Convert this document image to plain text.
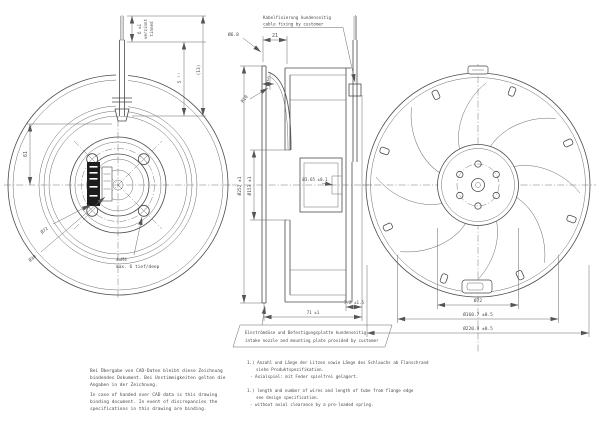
6 ±1 verzinnt tinned
5 ¹⁾
(13)
61
Ø72
Ø30	4xM4
max. 6 tief/deep
Kabelfixierung kundenseitig
cable fixing by customer
Ø6.8	21
2
R10
Ø252 ±1	Ø153 ±1	Ø3.65 ±0.1
7.2 ±1.5
71 ±1
Einströmdüse und Befestigungsplatte kundenseitig
intake nozzle and mounting plate provided by customer
Ø72
Ø160.7 ±0.5
Ø220.9 ±0.5
Bei Übergabe von CAD-Daten bleibt diese Zeichnung
bindendes Dokument. Bei Unstimmigkeiten gelten die
Angaben in der Zeichnung.
In case of handed over CAD data is this drawing
binding document. In event of discrepancies the
specifications in this drawing are binding.
1.) Anzahl und Länge der Litzen sowie Länge des Schlauchs ab Flanschrand
siehe Produktspezifikation.
- Axialspiel: mit Feder spielfrei gelagert.
1.) length and number of wires and length of tube from flange edge
see design specification.
- without axial clearance by a pre-loaded spring.
